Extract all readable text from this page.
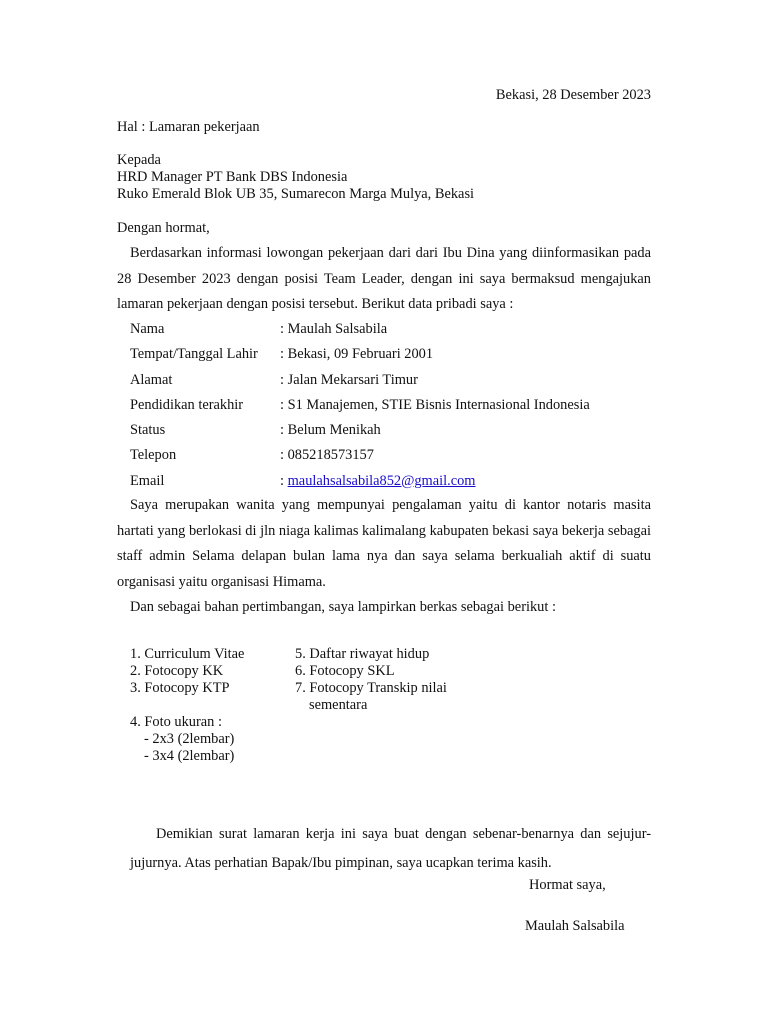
Bekasi, 28 Desember 2023
Hal : Lamaran pekerjaan
Kepada
HRD Manager PT Bank DBS Indonesia
Ruko Emerald Blok UB 35, Sumarecon Marga Mulya, Bekasi
Dengan hormat,
Berdasarkan informasi lowongan pekerjaan dari dari Ibu Dina yang diinformasikan pada 28 Desember 2023 dengan posisi Team Leader, dengan ini saya bermaksud mengajukan lamaran pekerjaan dengan posisi tersebut. Berikut data pribadi saya :
Nama	: Maulah Salsabila
Tempat/Tanggal Lahir : Bekasi, 09 Februari 2001
Alamat	: Jalan Mekarsari Timur
Pendidikan terakhir	: S1 Manajemen, STIE Bisnis Internasional Indonesia
Status	: Belum Menikah
Telepon	: 085218573157
Email	: maulahsalsabila852@gmail.com
Saya merupakan wanita yang mempunyai pengalaman yaitu di kantor notaris masita hartati yang berlokasi di jln niaga kalimas kalimalang kabupaten bekasi saya bekerja sebagai staff admin Selama delapan bulan lama nya dan saya selama berkualiah aktif di suatu organisasi yaitu organisasi Himama.
Dan sebagai bahan pertimbangan, saya lampirkan berkas sebagai berikut :
1. Curriculum Vitae
2. Fotocopy KK
3. Fotocopy KTP
4. Foto ukuran :
- 2x3 (2lembar)
- 3x4 (2lembar)
5. Daftar riwayat hidup
6. Fotocopy SKL
7. Fotocopy Transkip nilai
sementara
Demikian surat lamaran kerja ini saya buat dengan sebenar-benarnya dan sejujur-jujurnya. Atas perhatian Bapak/Ibu pimpinan, saya ucapkan terima kasih.
Hormat saya,
Maulah Salsabila
